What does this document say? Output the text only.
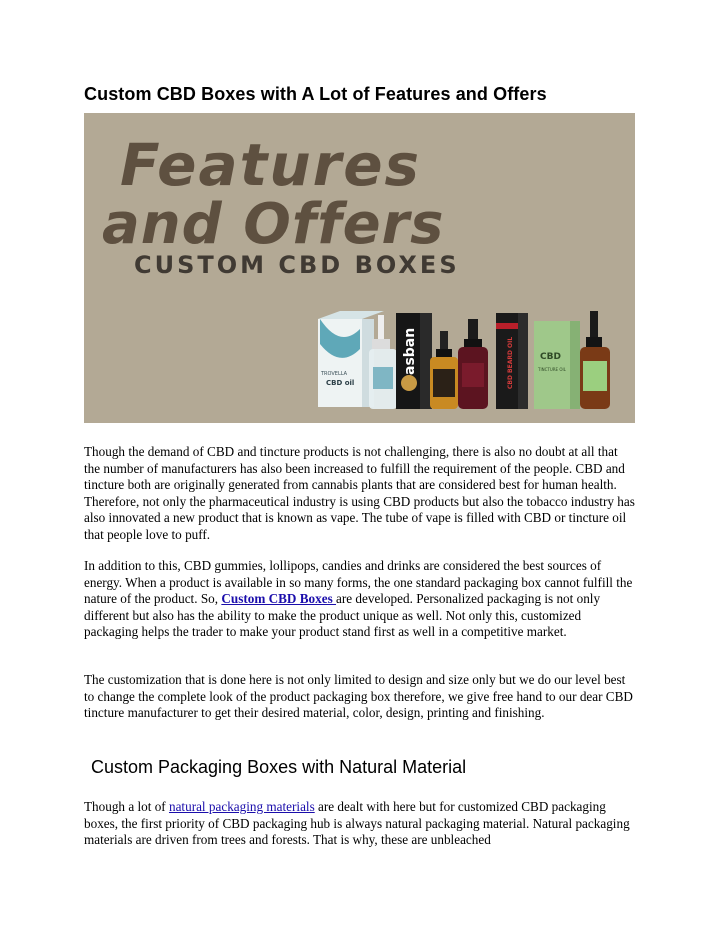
Custom CBD Boxes with A Lot of Features and Offers
Features
and Offers
CUSTOM CBD BOXES
TROVELLA
CBD oil
asban	CBD BEARD OIL	CBD
TINCTURE OIL

Though the demand of CBD and tincture products is not challenging, there is also no doubt at all that the number of manufacturers has also been increased to fulfill the requirement of the people. CBD and tincture both are originally generated from cannabis plants that are considered best for human health. Therefore, not only the pharmaceutical industry is using CBD products but also the tobacco industry has also innovated a new product that is known as vape. The tube of vape is filled with CBD or tincture oil that people love to puff.

In addition to this, CBD gummies, lollipops, candies and drinks are considered the best sources of energy. When a product is available in so many forms, the one standard packaging box cannot fulfill the nature of the product. So, Custom CBD Boxes are developed. Personalized packaging is not only different but also has the ability to make the product unique as well. Not only this, customized packaging helps the trader to make your product stand first as well in a competitive market.

The customization that is done here is not only limited to design and size only but we do our level best to change the complete look of the product packaging box therefore, we give free hand to our dear CBD tincture manufacturer to get their desired material, color, design, printing and finishing.

Custom Packaging Boxes with Natural Material

Though a lot of natural packaging materials are dealt with here but for customized CBD packaging boxes, the first priority of CBD packaging hub is always natural packaging material. Natural packaging materials are driven from trees and forests. That is why, these are unbleached
